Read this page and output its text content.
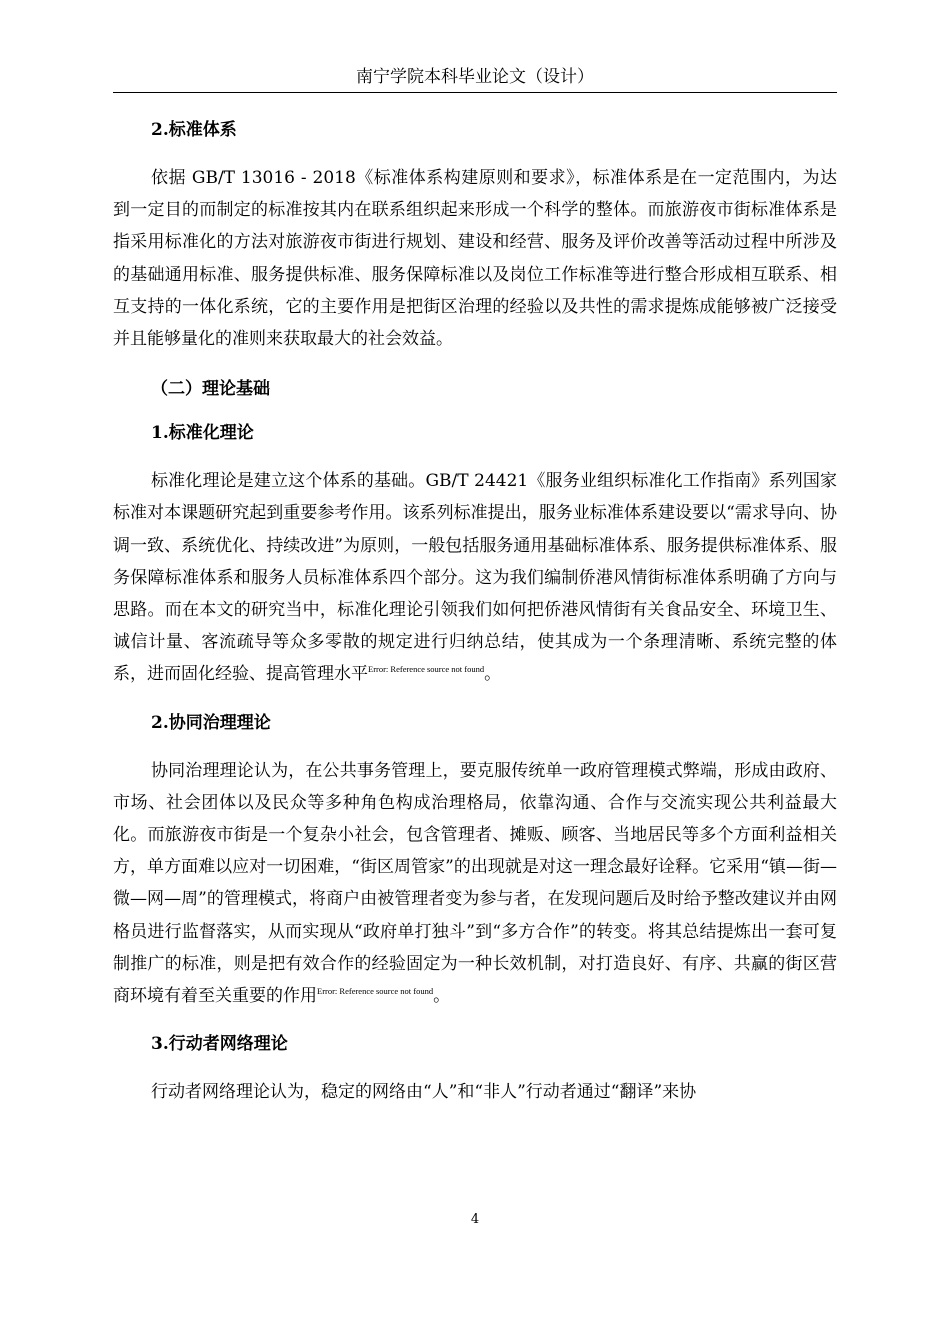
南宁学院本科毕业论文（设计）
2.标准体系

依据 GB/T 13016 - 2018《标准体系构建原则和要求》，标准体系是在一定范围内，为达到一定目的而制定的标准按其内在联系组织起来形成一个科学的整体。而旅游夜市街标准体系是指采用标准化的方法对旅游夜市街进行规划、建设和经营、服务及评价改善等活动过程中所涉及的基础通用标准、服务提供标准、服务保障标准以及岗位工作标准等进行整合形成相互联系、相互支持的一体化系统，它的主要作用是把街区治理的经验以及共性的需求提炼成能够被广泛接受并且能够量化的准则来获取最大的社会效益。

（二）理论基础
1.标准化理论

标准化理论是建立这个体系的基础。GB/T 24421《服务业组织标准化工作指南》系列国家标准对本课题研究起到重要参考作用。该系列标准提出，服务业标准体系建设要以“需求导向、协调一致、系统优化、持续改进”为原则，一般包括服务通用基础标准体系、服务提供标准体系、服务保障标准体系和服务人员标准体系四个部分。这为我们编制侨港风情街标准体系明确了方向与思路。而在本文的研究当中，标准化理论引领我们如何把侨港风情街有关食品安全、环境卫生、诚信计量、客流疏导等众多零散的规定进行归纳总结，使其成为一个条理清晰、系统完整的体系，进而固化经验、提高管理水平$^{Error: Reference source not found}$。

2.协同治理理论

协同治理理论认为，在公共事务管理上，要克服传统单一政府管理模式弊端，形成由政府、市场、社会团体以及民众等多种角色构成治理格局，依靠沟通、合作与交流实现公共利益最大化。而旅游夜市街是一个复杂小社会，包含管理者、摊贩、顾客、当地居民等多个方面利益相关方，单方面难以应对一切困难，“街区周管家”的出现就是对这一理念最好诠释。它采用“镇—街—微—网—周”的管理模式，将商户由被管理者变为参与者，在发现问题后及时给予整改建议并由网格员进行监督落实，从而实现从“政府单打独斗”到“多方合作”的转变。将其总结提炼出一套可复制推广的标准，则是把有效合作的经验固定为一种长效机制，对打造良好、有序、共赢的街区营商环境有着至关重要的作用$^{Error: Reference source not found}$。

3.行动者网络理论

行动者网络理论认为，稳定的网络由“人”和“非人”行动者通过“翻译”来协

4
